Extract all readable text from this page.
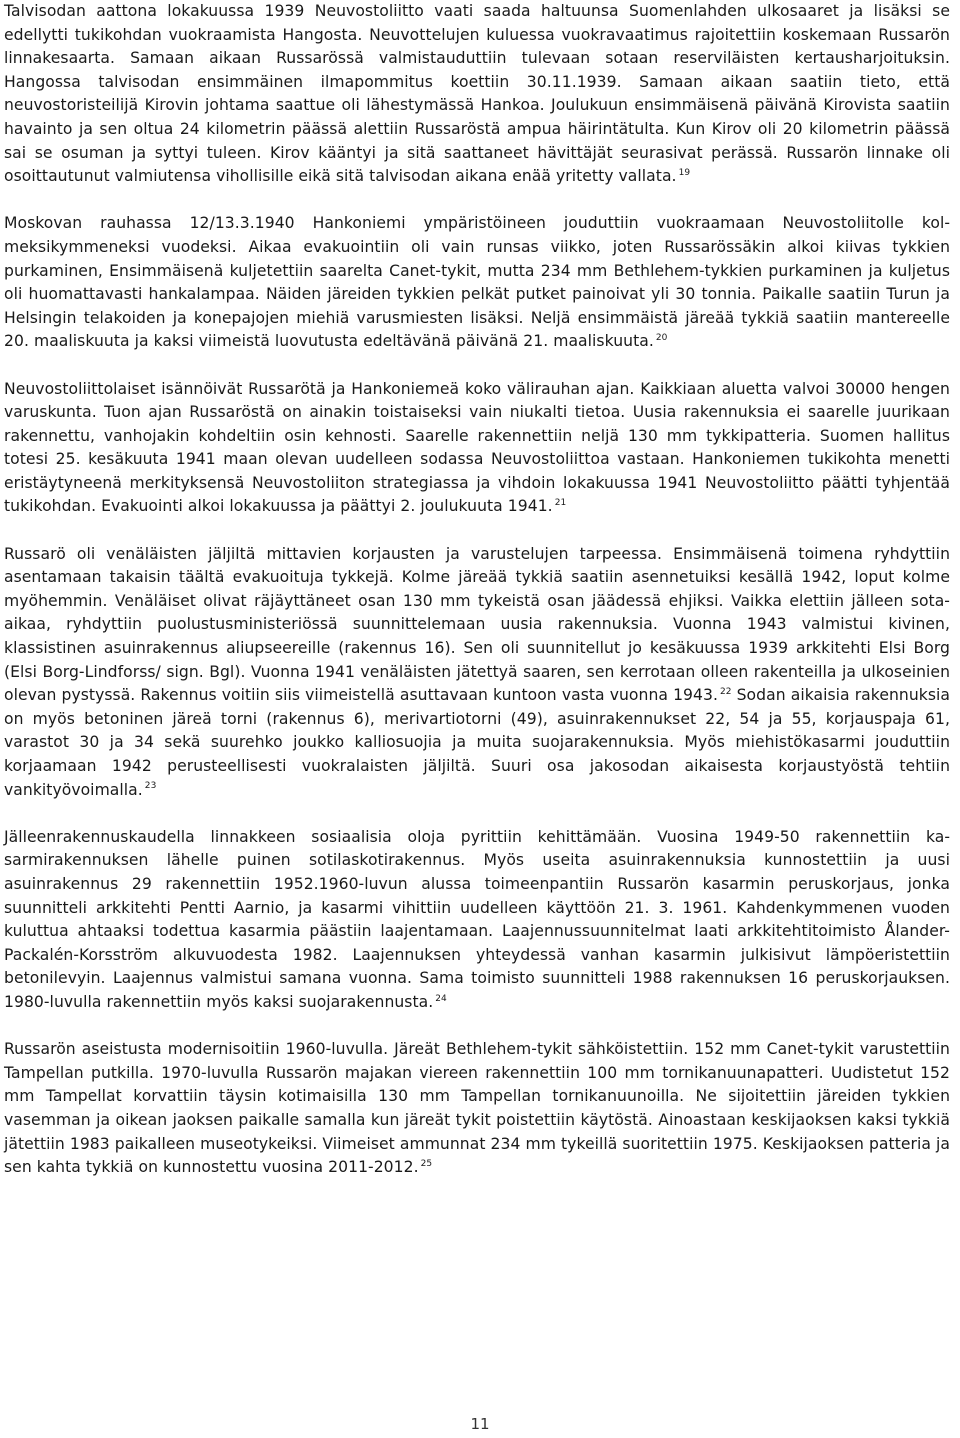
Talvisodan aattona lokakuussa 1939 Neuvostoliitto vaati saada haltuunsa Suomenlahden ulkosaaret ja lisäksi se edellytti tukikohdan vuokraamista Hangosta. Neuvottelujen kuluessa vuokravaatimus rajoitettiin koskemaan Russarön linnakesaarta. Samaan aikaan Russarössä valmistauduttiin tulevaan sotaan reserviläisten kertausharjoituksin. Hangossa talvisodan ensimmäinen ilmapommitus koettiin 30.11.1939. Samaan aikaan saatiin tieto, että neuvostoristeilijä Kirovin johtama saattue oli lähestymässä Hankoa. Joulukuun ensimmäisenä päivänä Kirovista saatiin havainto ja sen oltua 24 kilometrin päässä alettiin Russaröstä ampua häirintätulta. Kun Kirov oli 20 kilometrin päässä sai se osuman ja syttyi tuleen. Kirov kääntyi ja sitä saattaneet hävittäjät seurasivat perässä. Russarön linnake oli osoittautunut valmiutensa vihollisille eikä sitä talvisodan aikana enää yritetty vallata. $^{19}$

Moskovan rauhassa 12/13.3.1940 Hankoniemi ympäristöineen jouduttiin vuokraamaan Neuvostoliitolle kolmeksikymmeneksi vuodeksi. Aikaa evakuointiin oli vain runsas viikko, joten Russarössäkin alkoi kiivas tykkien purkaminen, Ensimmäisenä kuljetettiin saarelta Canet-tykit, mutta 234 mm Bethlehem-tykkien purkaminen ja kuljetus oli huomattavasti hankalampaa. Näiden järeiden tykkien pelkät putket painoivat yli 30 tonnia. Paikalle saatiin Turun ja Helsingin telakoiden ja konepajojen miehiä varusmiesten lisäksi. Neljä ensimmäistä järeää tykkiä saatiin mantereelle 20. maaliskuuta ja kaksi viimeistä luovutusta edeltävänä päivänä 21. maaliskuuta. $^{20}$

Neuvostoliittolaiset isännöivät Russarötä ja Hankoniemeä koko välirauhan ajan. Kaikkiaan aluetta valvoi 30000 hengen varuskunta. Tuon ajan Russaröstä on ainakin toistaiseksi vain niukalti tietoa. Uusia rakennuksia ei saarelle juurikaan rakennettu, vanhojakin kohdeltiin osin kehnosti. Saarelle rakennettiin neljä 130 mm tykkipatteria. Suomen hallitus totesi 25. kesäkuuta 1941 maan olevan uudelleen sodassa Neuvostoliittoa vastaan. Hankoniemen tukikohta menetti eristäytyneenä merkityksensä Neuvostoliiton strategiassa ja vihdoin lokakuussa 1941 Neuvostoliitto päätti tyhjentää tukikohdan. Evakuointi alkoi lokakuussa ja päättyi 2. joulukuuta 1941. $^{21}$

Russarö oli venäläisten jäljiltä mittavien korjausten ja varustelujen tarpeessa. Ensimmäisenä toimena ryhdyttiin asentamaan takaisin täältä evakuoituja tykkejä. Kolme järeää tykkiä saatiin asennetuiksi kesällä 1942, loput kolme myöhemmin. Venäläiset olivat räjäyttäneet osan 130 mm tykeistä osan jäädessä ehjiksi. Vaikka elettiin jälleen sota-aikaa, ryhdyttiin puolustusministeriössä suunnittelemaan uusia rakennuksia. Vuonna 1943 valmistui kivinen, klassistinen asuinrakennus aliupseereille (rakennus 16). Sen oli suunnitellut jo kesäkuussa 1939 arkkitehti Elsi Borg (Elsi Borg-Lindforss/ sign. Bgl). Vuonna 1941 venäläisten jätettyä saaren, sen kerrotaan olleen rakenteilla ja ulkoseinien olevan pystyssä. Rakennus voitiin siis viimeistellä asuttavaan kuntoon vasta vuonna 1943. $^{22}$ Sodan aikaisia rakennuksia on myös betoninen järeä torni (rakennus 6), merivartiotorni (49), asuinrakennukset 22, 54 ja 55, korjauspaja 61, varastot 30 ja 34 sekä suurehko joukko kalliosuojia ja muita suojarakennuksia. Myös miehistökasarmi jouduttiin korjaamaan 1942 perusteellisesti vuokralaisten jäljiltä. Suuri osa jakosodan aikaisesta korjaustyöstä tehtiin vankityövoimalla. $^{23}$

Jälleenrakennuskaudella linnakkeen sosiaalisia oloja pyrittiin kehittämään. Vuosina 1949-50 rakennettiin kasarmirakennuksen lähelle puinen sotilaskotirakennus. Myös useita asuinrakennuksia kunnostettiin ja uusi asuinrakennus 29 rakennettiin 1952.1960-luvun alussa toimeenpantiin Russarön kasarmin peruskorjaus, jonka suunnitteli arkkitehti Pentti Aarnio, ja kasarmi vihittiin uudelleen käyttöön 21. 3. 1961. Kahdenkymmenen vuoden kuluttua ahtaaksi todettua kasarmia päästiin laajentamaan. Laajennussuunnitelmat laati arkkitehtitoimisto Ålander-Packalén-Korsström alkuvuodesta 1982. Laajennuksen yhteydessä vanhan kasarmin julkisivut lämpöeristettiin betonilevyin. Laajennus valmistui samana vuonna. Sama toimisto suunnitteli 1988 rakennuksen 16 peruskorjauksen. 1980-luvulla rakennettiin myös kaksi suojarakennusta. $^{24}$

Russarön aseistusta modernisoitiin 1960-luvulla. Järeät Bethlehem-tykit sähköistettiin. 152 mm Canet-tykit varustettiin Tampellan putkilla. 1970-luvulla Russarön majakan viereen rakennettiin 100 mm tornikanuunapatteri. Uudistetut 152 mm Tampellat korvattiin täysin kotimaisilla 130 mm Tampellan tornikanuunoilla. Ne sijoitettiin järeiden tykkien vasemman ja oikean jaoksen paikalle samalla kun järeät tykit poistettiin käytöstä. Ainoastaan keskijaoksen kaksi tykkiä jätettiin 1983 paikalleen museotykeiksi. Viimeiset ammunnat 234 mm tykeillä suoritettiin 1975. Keskijaoksen patteria ja sen kahta tykkiä on kunnostettu vuosina 2011-2012. $^{25}$

11
